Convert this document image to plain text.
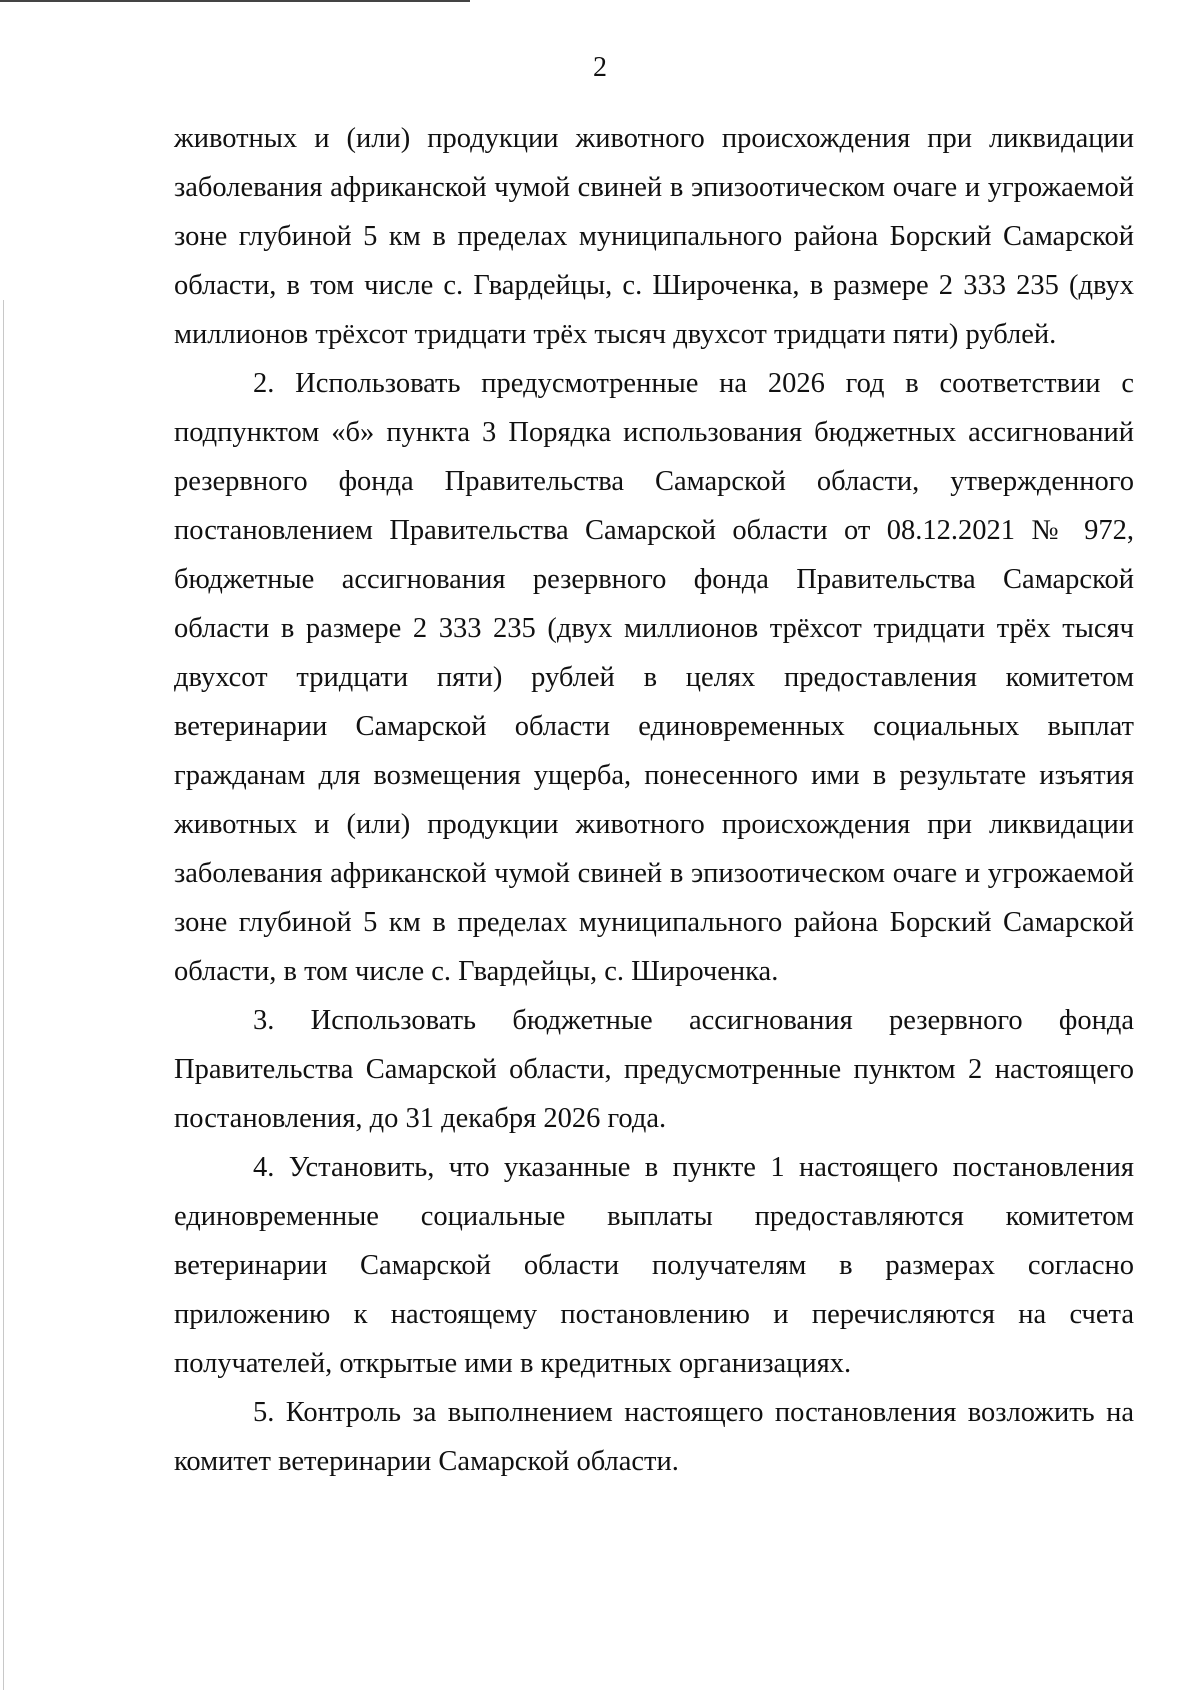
2

животных и (или) продукции животного происхождения при ликвидации заболевания африканской чумой свиней в эпизоотическом очаге и угрожаемой зоне глубиной 5 км в пределах муниципального района Борский Самарской области, в том числе с. Гвардейцы, с. Широченка, в размере 2 333 235 (двух миллионов трёхсот тридцати трёх тысяч двухсот тридцати пяти) рублей.

2. Использовать предусмотренные на 2026 год в соответствии с подпунктом «б» пункта 3 Порядка использования бюджетных ассигнований резервного фонда Правительства Самарской области, утвержденного постановлением Правительства Самарской области от 08.12.2021 № 972, бюджетные ассигнования резервного фонда Правительства Самарской области в размере 2 333 235 (двух миллионов трёхсот тридцати трёх тысяч двухсот тридцати пяти) рублей в целях предоставления комитетом ветеринарии Самарской области единовременных социальных выплат гражданам для возмещения ущерба, понесенного ими в результате изъятия животных и (или) продукции животного происхождения при ликвидации заболевания африканской чумой свиней в эпизоотическом очаге и угрожаемой зоне глубиной 5 км в пределах муниципального района Борский Самарской области, в том числе с. Гвардейцы, с. Широченка.

3. Использовать бюджетные ассигнования резервного фонда Правительства Самарской области, предусмотренные пунктом 2 настоящего постановления, до 31 декабря 2026 года.

4. Установить, что указанные в пункте 1 настоящего постановления единовременные социальные выплаты предоставляются комитетом ветеринарии Самарской области получателям в размерах согласно приложению к настоящему постановлению и перечисляются на счета получателей, открытые ими в кредитных организациях.

5. Контроль за выполнением настоящего постановления возложить на комитет ветеринарии Самарской области.
